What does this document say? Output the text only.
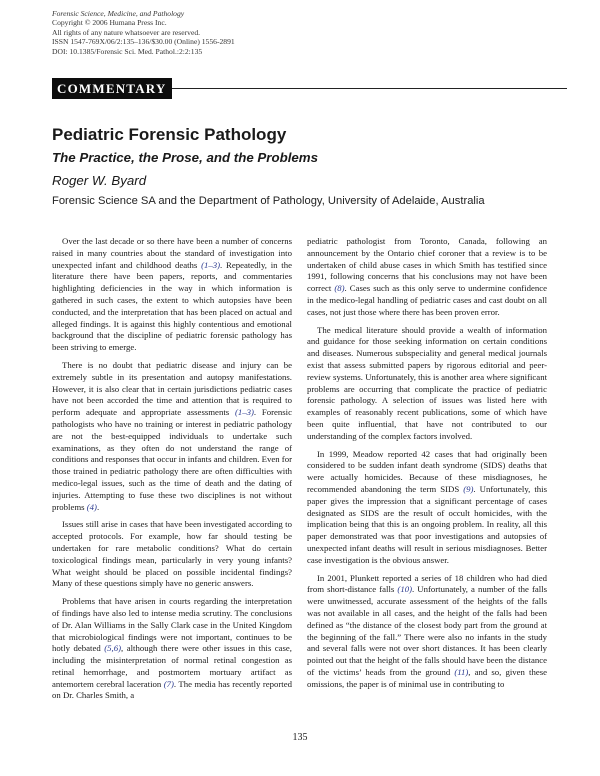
Forensic Science, Medicine, and Pathology
Copyright © 2006 Humana Press Inc.
All rights of any nature whatsoever are reserved.
ISSN 1547-769X/06/2:135–136/$30.00 (Online) 1556-2891
DOI: 10.1385/Forensic Sci. Med. Pathol.:2:2:135
COMMENTARY
Pediatric Forensic Pathology
The Practice, the Prose, and the Problems
Roger W. Byard
Forensic Science SA and the Department of Pathology, University of Adelaide, Australia

Over the last decade or so there have been a number of concerns raised in many countries about the standard of investigation into unexpected infant and childhood deaths (1–3). Repeatedly, in the literature there have been papers, reports, and commentaries highlighting deficiencies in the way in which information is gathered in such cases, the extent to which autopsies have been conducted, and the interpretation that has been placed on actual and alleged findings. It is against this highly contentious and emotional background that the discipline of pediatric forensic pathology has been striving to emerge.

There is no doubt that pediatric disease and injury can be extremely subtle in its presentation and autopsy manifestations. However, it is also clear that in certain jurisdictions pediatric cases have not been accorded the time and attention that is required to perform adequate and appropriate assessments (1–3). Forensic pathologists who have no training or interest in pediatric pathology are not the best-equipped individuals to undertake such examinations, as they often do not understand the range of conditions and responses that occur in infants and children. Even for those trained in pediatric pathology there are often difficulties with medico-legal issues, such as the time of death and the dating of injuries. Attempting to fuse these two disciplines is not without problems (4).

Issues still arise in cases that have been investigated according to accepted protocols. For example, how far should testing be undertaken for rare metabolic conditions? What do certain toxicological findings mean, particularly in very young infants? What weight should be placed on possible incidental findings? Many of these questions simply have no generic answers.

Problems that have arisen in courts regarding the interpretation of findings have also led to intense media scrutiny. The conclusions of Dr. Alan Williams in the Sally Clark case in the United Kingdom that microbiological findings were not important, continues to be hotly debated (5,6), although there were other issues in this case, including the misinterpretation of normal retinal congestion as retinal hemorrhage, and postmortem mortuary artifact as antemortem cerebral laceration (7). The media has recently reported on Dr. Charles Smith, a

pediatric pathologist from Toronto, Canada, following an announcement by the Ontario chief coroner that a review is to be undertaken of child abuse cases in which Smith has testified since 1991, following concerns that his conclusions may not have been correct (8). Cases such as this only serve to undermine confidence in the medico-legal handling of pediatric cases and cast doubt on all cases, not just those where there has been proven error.

The medical literature should provide a wealth of information and guidance for those seeking information on certain conditions and diseases. Numerous subspeciality and general medical journals exist that assess submitted papers by rigorous editorial and peer-review systems. Unfortunately, this is another area where significant problems are occurring that complicate the practice of pediatric forensic pathology. A selection of issues was listed here with examples of reasonably recent publications, some of which have been quite influential, that have not contributed to our understanding of the complex factors involved.

In 1999, Meadow reported 42 cases that had originally been considered to be sudden infant death syndrome (SIDS) deaths that were actually homicides. Because of these misdiagnoses, he recommended abandoning the term SIDS (9). Unfortunately, this paper gives the impression that a significant percentage of cases designated as SIDS are the result of occult homicides, with the implication being that this is an ongoing problem. In reality, all this paper demonstrated was that poor investigations and autopsies of unexpected infant deaths will result in serious misdiagnoses. Better case investigation is the obvious answer.

In 2001, Plunkett reported a series of 18 children who had died from short-distance falls (10). Unfortunately, a number of the falls were unwitnessed, accurate assessment of the heights of the falls was not available in all cases, and the height of the falls had been defined as “the distance of the closest body part from the ground at the beginning of the fall.” There were also no infants in the study and several falls were not over short distances. It has been clearly pointed out that the height of the falls should have been the distance of the victims’ heads from the ground (11), and so, given these omissions, the paper is of minimal use in contributing to

135
